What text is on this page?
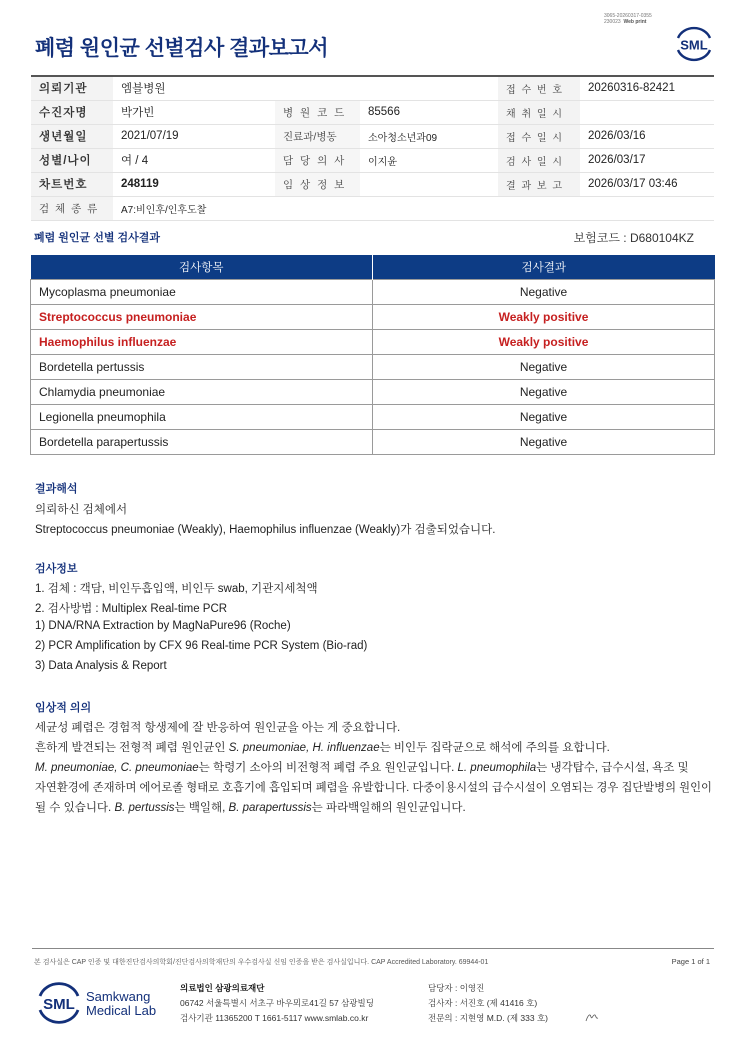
3065-20260317-0355
230023 Web print
폐렴 원인균 선별검사 결과보고서	SML
의뢰기관	엠블병원			접 수 번 호	20260316-82421
수진자명	박가빈	병 원 코 드	85566	채 취 일 시	
생년월일	2021/07/19	진료과/병동	소아청소년과09	접 수 일 시	2026/03/16
성별/나이	여 / 4	담 당 의 사	이지윤	검 사 일 시	2026/03/17
차트번호	248119	임 상 정 보		결 과 보 고	2026/03/17 03:46
검 체 종 류	A7:비인후/인후도찰				
폐렴 원인균 선별 검사결과	보험코드 : D680104KZ
검사항목	검사결과
Mycoplasma pneumoniae	Negative
Streptococcus pneumoniae	Weakly positive
Haemophilus influenzae	Weakly positive
Bordetella pertussis	Negative
Chlamydia pneumoniae	Negative
Legionella pneumophila	Negative
Bordetella parapertussis	Negative
결과해석
의뢰하신 검체에서
Streptococcus pneumoniae (Weakly), Haemophilus influenzae (Weakly)가 검출되었습니다.
검사정보
1. 검체 : 객담, 비인두흡입액, 비인두 swab, 기관지세척액
2. 검사방법 : Multiplex Real-time PCR
1) DNA/RNA Extraction by MagNaPure96 (Roche)
2) PCR Amplification by CFX 96 Real-time PCR System (Bio-rad)
3) Data Analysis & Report
임상적 의의
세균성 폐렴은 경험적 항생제에 잘 반응하여 원인균을 아는 게 중요합니다.
흔하게 발견되는 전형적 폐렴 원인균인 S. pneumoniae, H. influenzae는 비인두 집락균으로 해석에 주의를 요합니다.
M. pneumoniae, C. pneumoniae는 학령기 소아의 비전형적 폐렴 주요 원인균입니다. L. pneumophila는 냉각탑수, 급수시설, 욕조 및
자연환경에 존재하며 에어로졸 형태로 호흡기에 흡입되며 폐렴을 유발합니다. 다중이용시설의 급수시설이 오염되는 경우 집단발병의 원인이
될 수 있습니다. B. pertussis는 백일해, B. parapertussis는 파라백일해의 원인균입니다.
본 검사실은 CAP 인증 및 대한진단검사의학회/진단검사의학재단의 우수검사실 신임 인증을 받은 검사실입니다. CAP Accredited Laboratory. 69944-01	Page 1 of 1
SML Samkwang
Medical Lab
의료법인 삼광의료재단
06742 서울특별시 서초구 바우뫼로41길 57 삼광빌딩
검사기관 11365200 T 1661-5117 www.smlab.co.kr
담당자 : 이영진
검사자 : 서진호 (제 41416 호)
전문의 : 지현영 M.D. (제 333 호)
